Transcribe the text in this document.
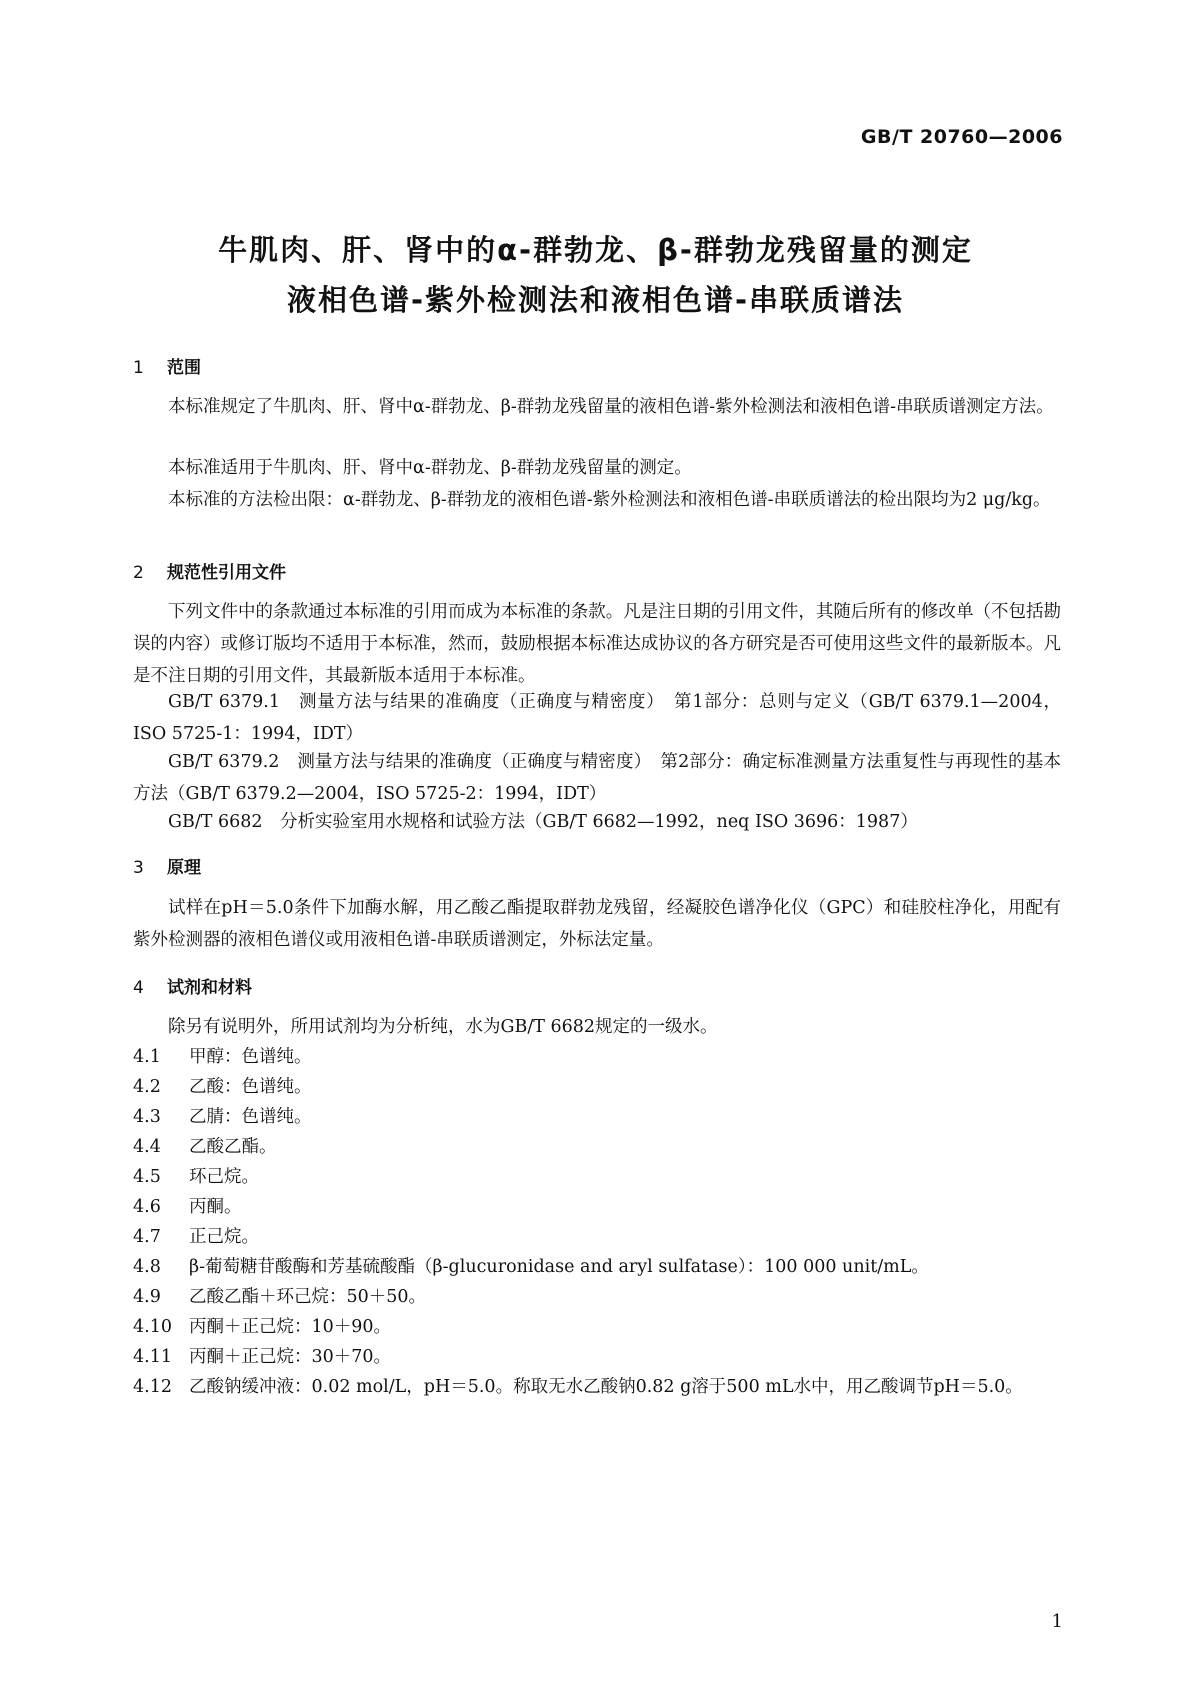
GB/T 20760—2006
牛肌肉、肝、肾中的α-群勃龙、β-群勃龙残留量的测定
液相色谱-紫外检测法和液相色谱-串联质谱法
1 范围
本标准规定了牛肌肉、肝、肾中α-群勃龙、β-群勃龙残留量的液相色谱-紫外检测法和液相色谱-串联质谱测定方法。
本标准适用于牛肌肉、肝、肾中α-群勃龙、β-群勃龙残留量的测定。
本标准的方法检出限：α-群勃龙、β-群勃龙的液相色谱-紫外检测法和液相色谱-串联质谱法的检出限均为2 μg/kg。
2 规范性引用文件
下列文件中的条款通过本标准的引用而成为本标准的条款。凡是注日期的引用文件，其随后所有的修改单（不包括勘误的内容）或修订版均不适用于本标准，然而，鼓励根据本标准达成协议的各方研究是否可使用这些文件的最新版本。凡是不注日期的引用文件，其最新版本适用于本标准。
GB/T 6379.1　测量方法与结果的准确度（正确度与精密度）　第1部分：总则与定义（GB/T 6379.1—2004，ISO 5725-1：1994，IDT）
GB/T 6379.2　测量方法与结果的准确度（正确度与精密度）　第2部分：确定标准测量方法重复性与再现性的基本方法（GB/T 6379.2—2004，ISO 5725-2：1994，IDT）
GB/T 6682　分析实验室用水规格和试验方法（GB/T 6682—1992，neq ISO 3696：1987）
3 原理
试样在pH＝5.0条件下加酶水解，用乙酸乙酯提取群勃龙残留，经凝胶色谱净化仪（GPC）和硅胶柱净化，用配有紫外检测器的液相色谱仪或用液相色谱-串联质谱测定，外标法定量。
4 试剂和材料
除另有说明外，所用试剂均为分析纯，水为GB/T 6682规定的一级水。
4.1 甲醇：色谱纯。
4.2 乙酸：色谱纯。
4.3 乙腈：色谱纯。
4.4 乙酸乙酯。
4.5 环己烷。
4.6 丙酮。
4.7 正己烷。
4.8 β-葡萄糖苷酸酶和芳基硫酸酯（β-glucuronidase and aryl sulfatase）：100 000 unit/mL。
4.9 乙酸乙酯＋环己烷：50＋50。
4.10 丙酮＋正己烷：10＋90。
4.11 丙酮＋正己烷：30＋70。
4.12 乙酸钠缓冲液：0.02 mol/L，pH＝5.0。称取无水乙酸钠0.82 g溶于500 mL水中，用乙酸调节pH＝5.0。
1
